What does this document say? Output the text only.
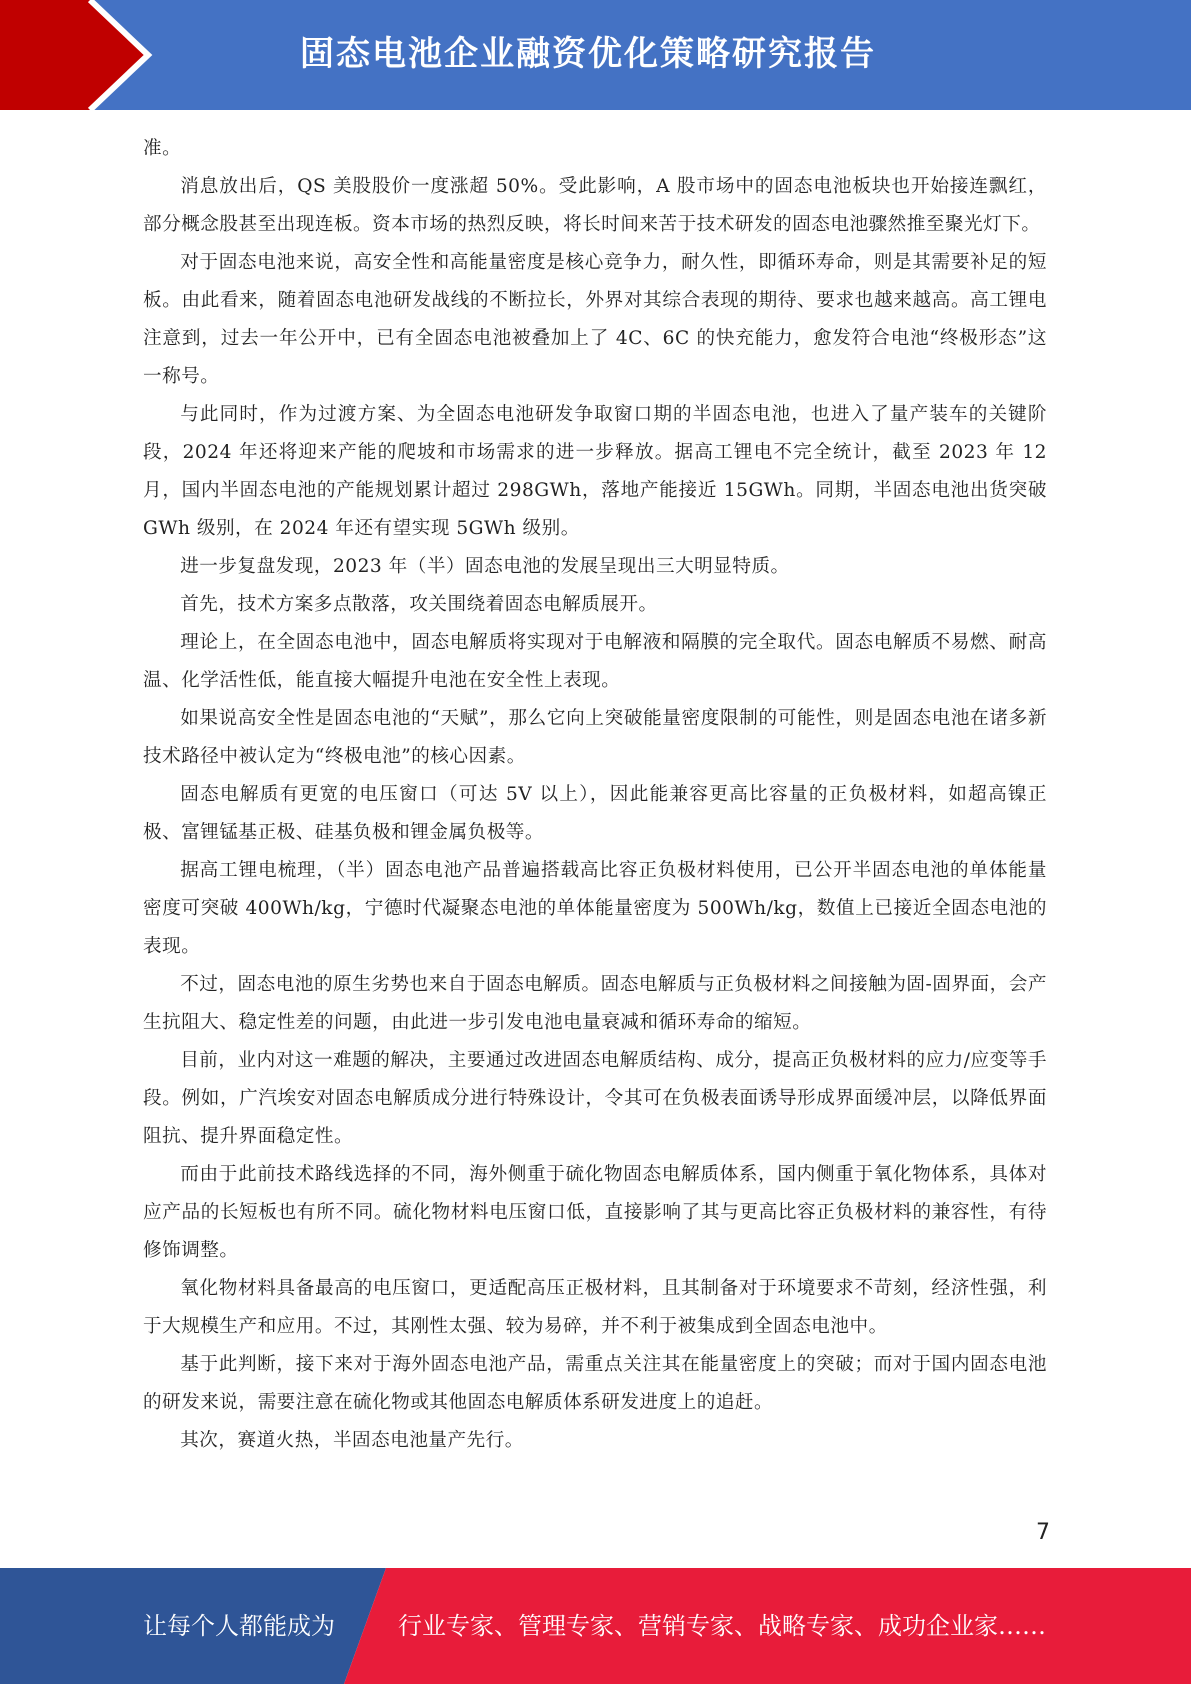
固态电池企业融资优化策略研究报告

准。

消息放出后，QS 美股股价一度涨超 50%。受此影响，A 股市场中的固态电池板块也开始接连飘红，部分概念股甚至出现连板。资本市场的热烈反映，将长时间来苦于技术研发的固态电池骤然推至聚光灯下。

对于固态电池来说，高安全性和高能量密度是核心竞争力，耐久性，即循环寿命，则是其需要补足的短板。由此看来，随着固态电池研发战线的不断拉长，外界对其综合表现的期待、要求也越来越高。高工锂电注意到，过去一年公开中，已有全固态电池被叠加上了 4C、6C 的快充能力，愈发符合电池“终极形态”这一称号。

与此同时，作为过渡方案、为全固态电池研发争取窗口期的半固态电池，也进入了量产装车的关键阶段，2024 年还将迎来产能的爬坡和市场需求的进一步释放。据高工锂电不完全统计，截至 2023 年 12 月，国内半固态电池的产能规划累计超过 298GWh，落地产能接近 15GWh。同期，半固态电池出货突破 GWh 级别，在 2024 年还有望实现 5GWh 级别。

进一步复盘发现，2023 年（半）固态电池的发展呈现出三大明显特质。

首先，技术方案多点散落，攻关围绕着固态电解质展开。

理论上，在全固态电池中，固态电解质将实现对于电解液和隔膜的完全取代。固态电解质不易燃、耐高温、化学活性低，能直接大幅提升电池在安全性上表现。

如果说高安全性是固态电池的“天赋”，那么它向上突破能量密度限制的可能性，则是固态电池在诸多新技术路径中被认定为“终极电池”的核心因素。

固态电解质有更宽的电压窗口（可达 5V 以上），因此能兼容更高比容量的正负极材料，如超高镍正极、富锂锰基正极、硅基负极和锂金属负极等。

据高工锂电梳理，（半）固态电池产品普遍搭载高比容正负极材料使用，已公开半固态电池的单体能量密度可突破 400Wh/kg，宁德时代凝聚态电池的单体能量密度为 500Wh/kg，数值上已接近全固态电池的表现。

不过，固态电池的原生劣势也来自于固态电解质。固态电解质与正负极材料之间接触为固-固界面，会产生抗阻大、稳定性差的问题，由此进一步引发电池电量衰减和循环寿命的缩短。

目前，业内对这一难题的解决，主要通过改进固态电解质结构、成分，提高正负极材料的应力/应变等手段。例如，广汽埃安对固态电解质成分进行特殊设计，令其可在负极表面诱导形成界面缓冲层，以降低界面阻抗、提升界面稳定性。

而由于此前技术路线选择的不同，海外侧重于硫化物固态电解质体系，国内侧重于氧化物体系，具体对应产品的长短板也有所不同。硫化物材料电压窗口低，直接影响了其与更高比容正负极材料的兼容性，有待修饰调整。

氧化物材料具备最高的电压窗口，更适配高压正极材料，且其制备对于环境要求不苛刻，经济性强，利于大规模生产和应用。不过，其刚性太强、较为易碎，并不利于被集成到全固态电池中。

基于此判断，接下来对于海外固态电池产品，需重点关注其在能量密度上的突破；而对于国内固态电池的研发来说，需要注意在硫化物或其他固态电解质体系研发进度上的追赶。

其次，赛道火热，半固态电池量产先行。

7
让每个人都能成为	行业专家、管理专家、营销专家、战略专家、成功企业家……
